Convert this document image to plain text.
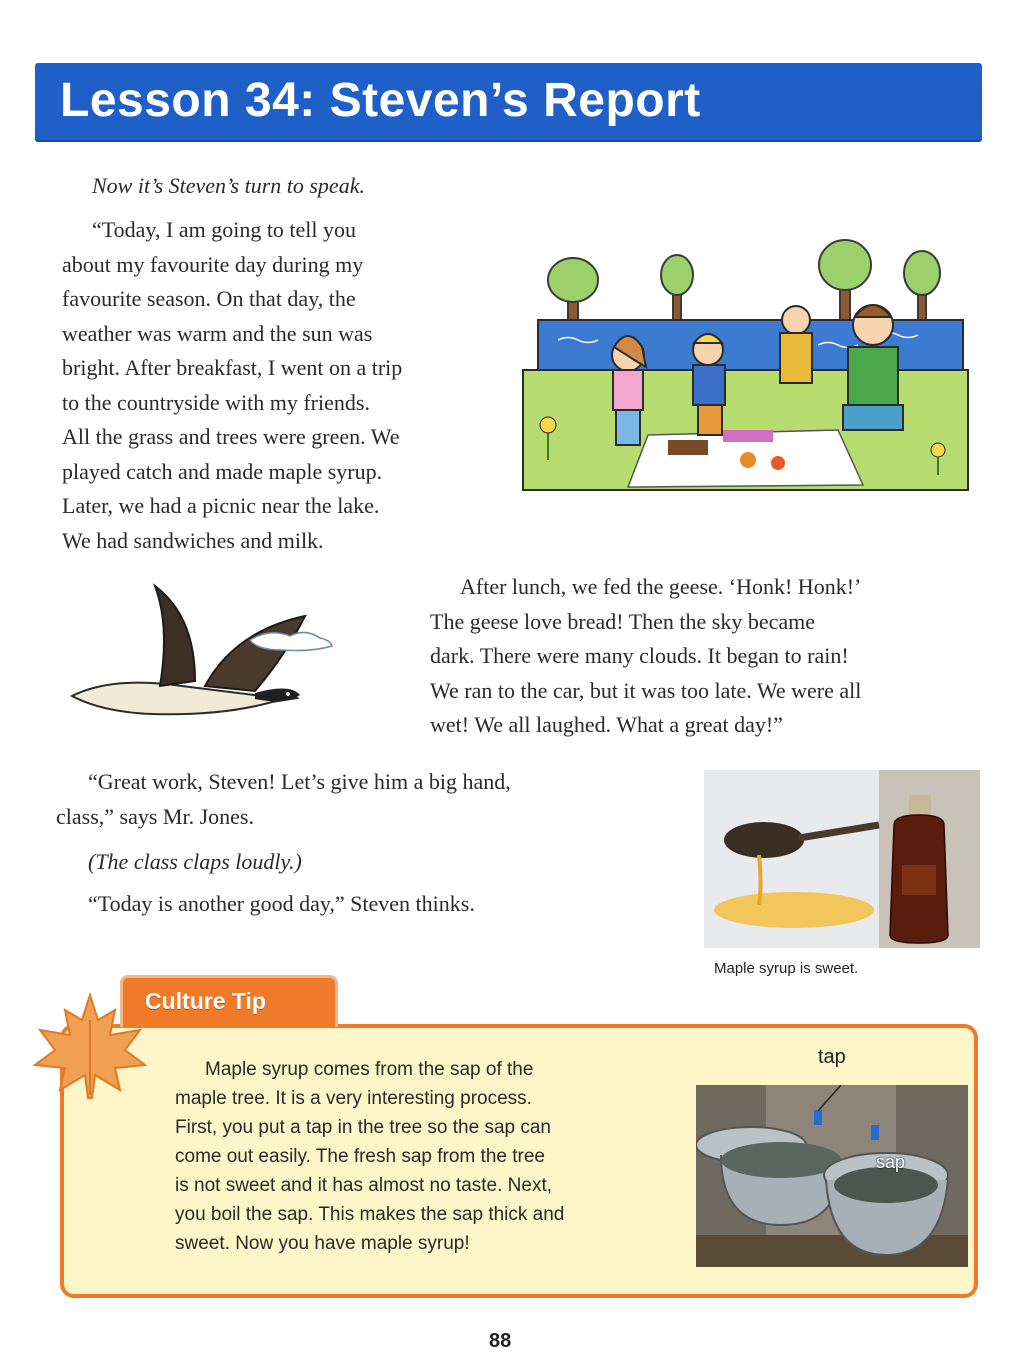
Lesson 34: Steven’s Report
Now it’s Steven’s turn to speak.
“Today, I am going to tell you
about my favourite day during my
favourite season. On that day, the
weather was warm and the sun was
bright. After breakfast, I went on a trip
to the countryside with my friends.
All the grass and trees were green. We
played catch and made maple syrup.
Later, we had a picnic near the lake.
We had sandwiches and milk.
After lunch, we fed the geese. ‘Honk! Honk!’
The geese love bread! Then the sky became
dark. There were many clouds. It began to rain!
We ran to the car, but it was too late. We were all
wet! We all laughed. What a great day!”
“Great work, Steven! Let’s give him a big hand,
class,” says Mr. Jones.
(The class claps loudly.)
“Today is another good day,” Steven thinks.
Maple syrup is sweet.
Culture Tip
Maple syrup comes from the sap of the
maple tree. It is a very interesting process.
First, you put a tap in the tree so the sap can
come out easily. The fresh sap from the tree
is not sweet and it has almost no taste. Next,
you boil the sap. This makes the sap thick and
sweet. Now you have maple syrup!
tap
sap
88
